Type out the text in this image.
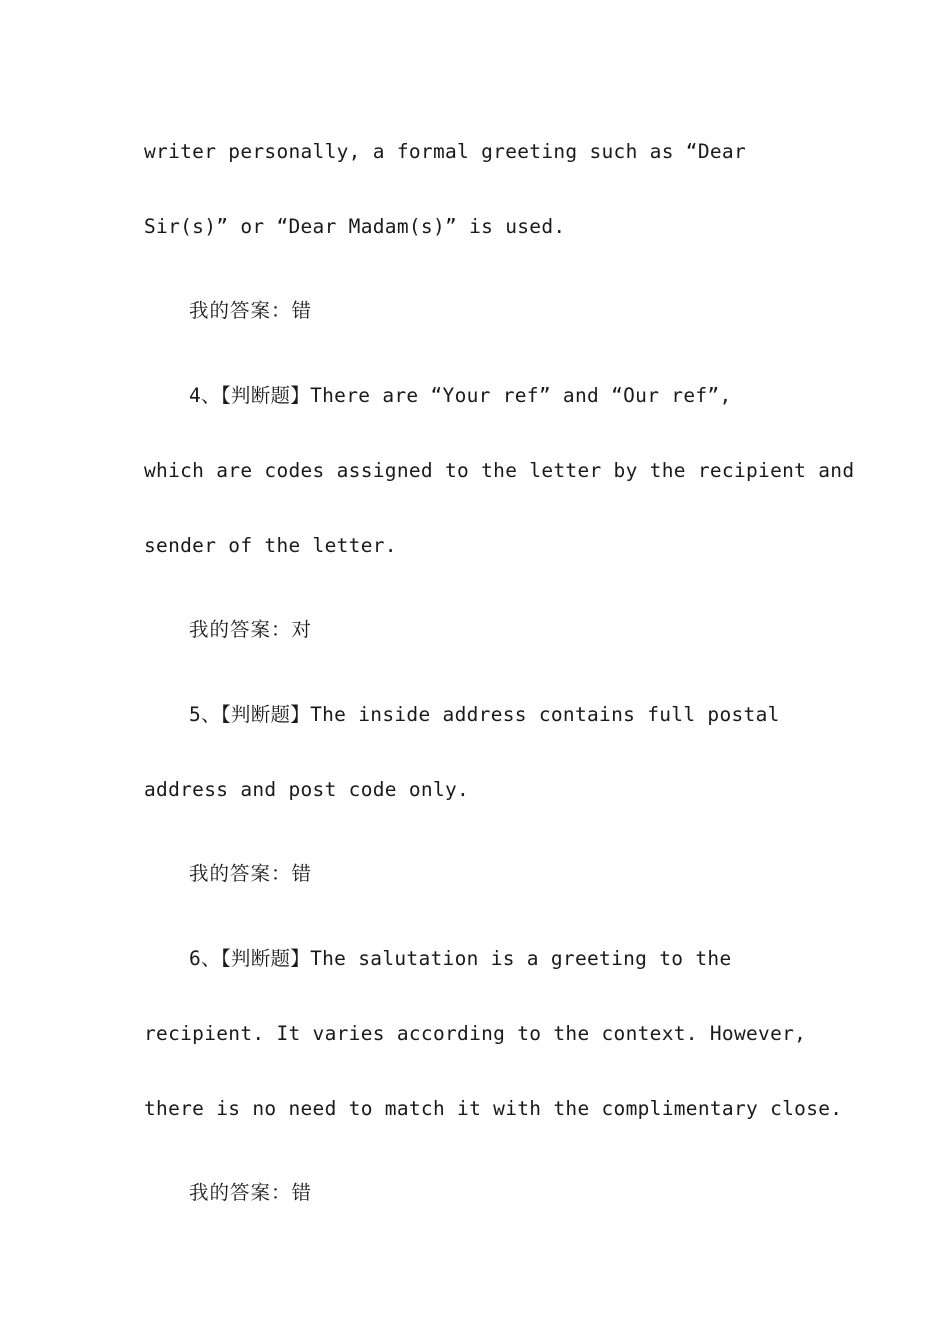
writer personally, a formal greeting such as “Dear
Sir(s)” or “Dear Madam(s)” is used.
我的答案：错
4、【判断题】There are “Your ref” and “Our ref”,
which are codes assigned to the letter by the recipient and
sender of the letter.
我的答案：对
5、【判断题】The inside address contains full postal
address and post code only.
我的答案：错
6、【判断题】The salutation is a greeting to the
recipient. It varies according to the context. However,
there is no need to match it with the complimentary close.
我的答案：错
